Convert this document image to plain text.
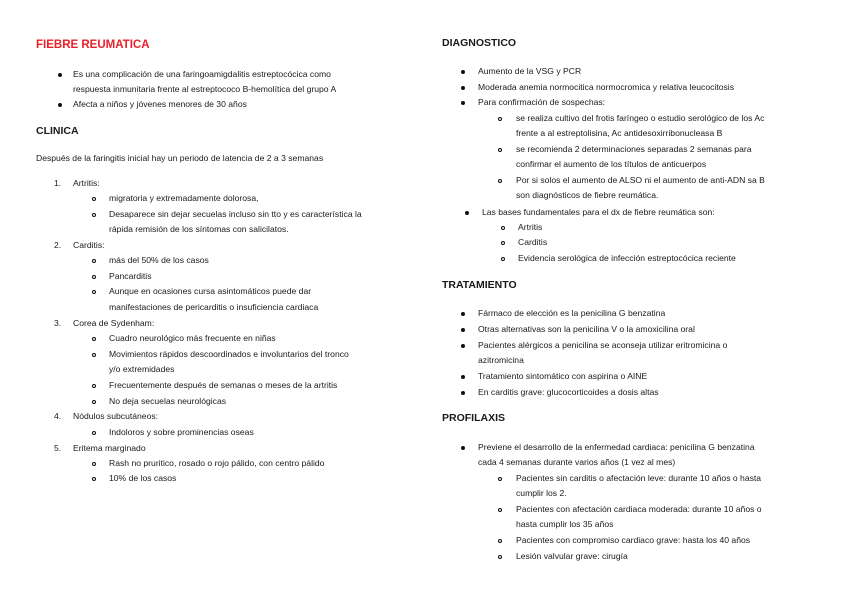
FIEBRE REUMATICA
Es una complicación de una faringoamigdalitis estreptocócica como
respuesta inmunitaria frente al estreptococo B-hemolítica del grupo A
Afecta a niños y jóvenes menores de 30 años
CLINICA
Después de la faringitis inicial hay un periodo de latencia de 2 a 3 semanas
1. Artritis:
migratoria y extremadamente dolorosa,
Desaparece sin dejar secuelas incluso sin tto y es característica la
rápida remisión de los síntomas con salicilatos.
2. Carditis:
más del 50% de los casos
Pancarditis
Aunque en ocasiones cursa asintomáticos puede dar
manifestaciones de pericarditis o insuficiencia cardiaca
3. Corea de Sydenham:
Cuadro neurológico más frecuente en niñas
Movimientos rápidos descoordinados e involuntarios del tronco
y/o extremidades
Frecuentemente después de semanas o meses de la artritis
No deja secuelas neurológicas
4. Nódulos subcutáneos:
Indoloros y sobre prominencias oseas
5. Eritema marginado
Rash no pruritico, rosado o rojo pálido, con centro pálido
10% de los casos
DIAGNOSTICO
Aumento de la VSG y PCR
Moderada anemia normocitica normocromica y relativa leucocitosis
Para confirmación de sospechas:
se realiza cultivo del frotis faríngeo o estudio serológico de los Ac
frente a al estreptolisina, Ac antidesoxirribonucleasa B
se recomienda 2 determinaciones separadas 2 semanas para
confirmar el aumento de los títulos de anticuerpos
Por si solos el aumento de ALSO ni el aumento de anti-ADN sa B
son diagnósticos de fiebre reumática.
Las bases fundamentales para el dx de fiebre reumática son:
Artritis
Carditis
Evidencia serológica de infección estreptocócica reciente
TRATAMIENTO
Fármaco de elección es la penicilina G benzatina
Otras alternativas son la penicilina V o la amoxicilina oral
Pacientes alérgicos a penicilina se aconseja utilizar eritromicina o
azitromicina
Tratamiento sintomático con aspirina o AINE
En carditis grave: glucocorticoides a dosis altas
PROFILAXIS
Previene el desarrollo de la enfermedad cardiaca: penicilina G benzatina
cada 4 semanas durante varios años (1 vez al mes)
Pacientes sin carditis o afectación leve: durante 10 años o hasta
cumplir los 2.
Pacientes con afectación cardiaca moderada: durante 10 años o
hasta cumplir los 35 años
Pacientes con compromiso cardiaco grave: hasta los 40 años
Lesión valvular grave: cirugía
